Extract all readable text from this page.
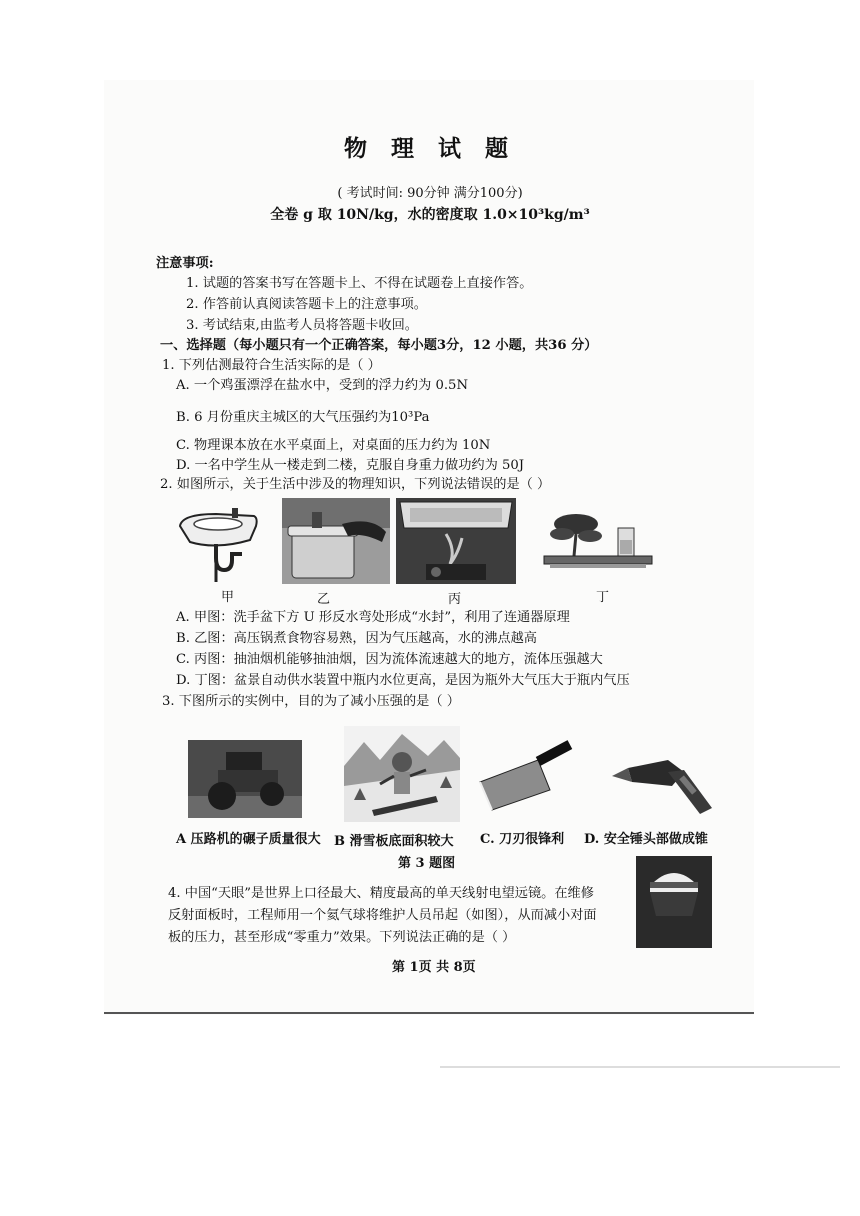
物 理 试 题
( 考试时间: 90分钟 满分100分)
全卷 g 取 10N/kg，水的密度取 1.0×10³kg/m³
注意事项:
1. 试题的答案书写在答题卡上、不得在试题卷上直接作答。
2. 作答前认真阅读答题卡上的注意事项。
3. 考试结束,由监考人员将答题卡收回。
一、选择题（每小题只有一个正确答案，每小题3分，12 小题，共36 分）
1. 下列估测最符合生活实际的是（ ）
A. 一个鸡蛋漂浮在盐水中，受到的浮力约为 0.5N
B. 6 月份重庆主城区的大气压强约为10³Pa
C. 物理课本放在水平桌面上，对桌面的压力约为 10N
D. 一名中学生从一楼走到二楼，克服自身重力做功约为 50J
2. 如图所示，关于生活中涉及的物理知识，下列说法错误的是（ ）
甲	乙	丙	丁
A. 甲图：洗手盆下方 U 形反水弯处形成“水封”，利用了连通器原理
B. 乙图：高压锅煮食物容易熟，因为气压越高，水的沸点越高
C. 丙图：抽油烟机能够抽油烟，因为流体流速越大的地方，流体压强越大
D. 丁图：盆景自动供水装置中瓶内水位更高，是因为瓶外大气压大于瓶内气压
3. 下图所示的实例中，目的为了减小压强的是（ ）
A 压路机的碾子质量很大 B 滑雪板底面积较大 C. 刀刃很锋利 D. 安全锤头部做成锥
第 3 题图
4. 中国“天眼”是世界上口径最大、精度最高的单天线射电望远镜。在维修
反射面板时，工程师用一个氦气球将维护人员吊起（如图），从而减小对面
板的压力，甚至形成“零重力”效果。下列说法正确的是（ ）
第 1页 共 8页
